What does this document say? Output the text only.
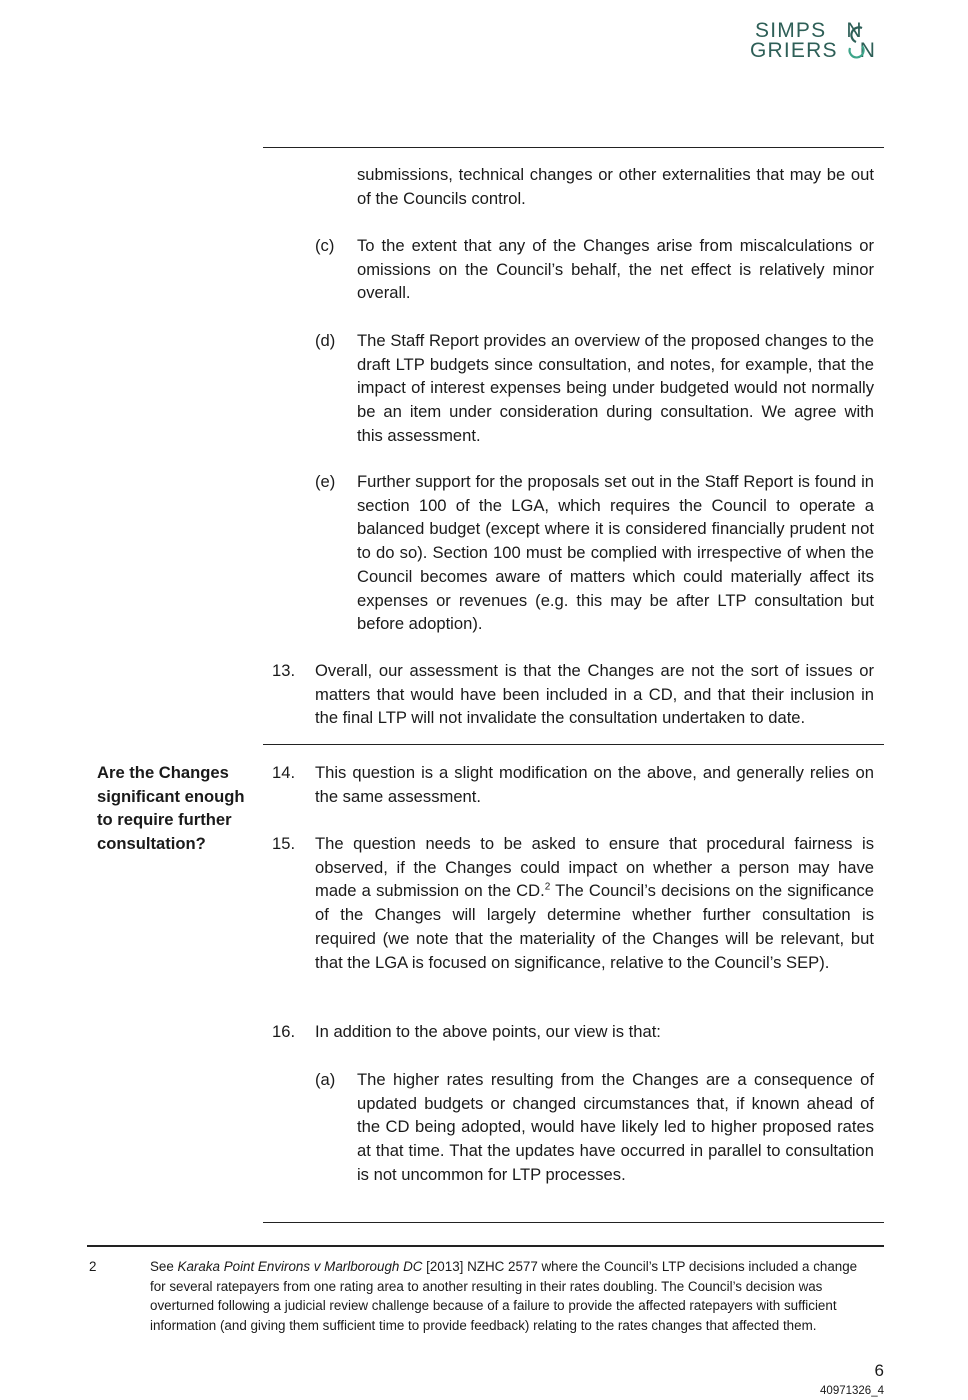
SIMPS N
GRIERS N
submissions, technical changes or other externalities that may be out of the Councils control.
(c) To the extent that any of the Changes arise from miscalculations or omissions on the Council’s behalf, the net effect is relatively minor overall.
(d) The Staff Report provides an overview of the proposed changes to the draft LTP budgets since consultation, and notes, for example, that the impact of interest expenses being under budgeted would not normally be an item under consideration during consultation. We agree with this assessment.
(e) Further support for the proposals set out in the Staff Report is found in section 100 of the LGA, which requires the Council to operate a balanced budget (except where it is considered financially prudent not to do so). Section 100 must be complied with irrespective of when the Council becomes aware of matters which could materially affect its expenses or revenues (e.g. this may be after LTP consultation but before adoption).
13. Overall, our assessment is that the Changes are not the sort of issues or matters that would have been included in a CD, and that their inclusion in the final LTP will not invalidate the consultation undertaken to date.
Are the Changes significant enough to require further consultation?
14. This question is a slight modification on the above, and generally relies on the same assessment.
15. The question needs to be asked to ensure that procedural fairness is observed, if the Changes could impact on whether a person may have made a submission on the CD.$^2$ The Council’s decisions on the significance of the Changes will largely determine whether further consultation is required (we note that the materiality of the Changes will be relevant, but that the LGA is focused on significance, relative to the Council’s SEP).
16. In addition to the above points, our view is that:
(a) The higher rates resulting from the Changes are a consequence of updated budgets or changed circumstances that, if known ahead of the CD being adopted, would have likely led to higher proposed rates at that time. That the updates have occurred in parallel to consultation is not uncommon for LTP processes.
2	See Karaka Point Environs v Marlborough DC [2013] NZHC 2577 where the Council’s LTP decisions included a change for several ratepayers from one rating area to another resulting in their rates doubling. The Council’s decision was overturned following a judicial review challenge because of a failure to provide the affected ratepayers with sufficient information (and giving them sufficient time to provide feedback) relating to the rates changes that affected them.
6
40971326_4
